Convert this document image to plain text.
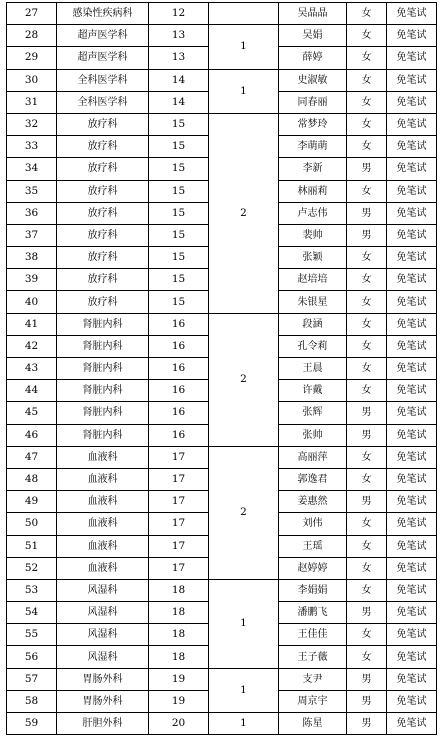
27	感染性疾病科	12		吴晶晶	女	免笔试
28	超声医学科	13	1	吴娟	女	免笔试
29	超声医学科	13		薛婷	女	免笔试
30	全科医学科	14	1	史淑敏	女	免笔试
31	全科医学科	14		同春丽	女	免笔试
32	放疗科	15	2	常梦玲	女	免笔试
33	放疗科	15		李萌萌	女	免笔试
34	放疗科	15		李新	男	免笔试
35	放疗科	15		林丽莉	女	免笔试
36	放疗科	15		卢志伟	男	免笔试
37	放疗科	15		裴帅	男	免笔试
38	放疗科	15		张颖	女	免笔试
39	放疗科	15		赵培培	女	免笔试
40	放疗科	15		朱银星	女	免笔试
41	肾脏内科	16	2	段涵	女	免笔试
42	肾脏内科	16		孔令莉	女	免笔试
43	肾脏内科	16		王晨	女	免笔试
44	肾脏内科	16		许戴	女	免笔试
45	肾脏内科	16		张辉	男	免笔试
46	肾脏内科	16		张帅	男	免笔试
47	血液科	17	2	高丽萍	女	免笔试
48	血液科	17		郭逸君	女	免笔试
49	血液科	17		姜惠然	男	免笔试
50	血液科	17		刘伟	女	免笔试
51	血液科	17		王瑶	女	免笔试
52	血液科	17		赵婷婷	女	免笔试
53	风湿科	18	1	李娟娟	女	免笔试
54	风湿科	18		潘鹏飞	男	免笔试
55	风湿科	18		王佳佳	女	免笔试
56	风湿科	18		王子薇	女	免笔试
57	胃肠外科	19	1	支尹	男	免笔试
58	胃肠外科	19		周京宇	男	免笔试
59	肝胆外科	20	1	陈星	男	免笔试
